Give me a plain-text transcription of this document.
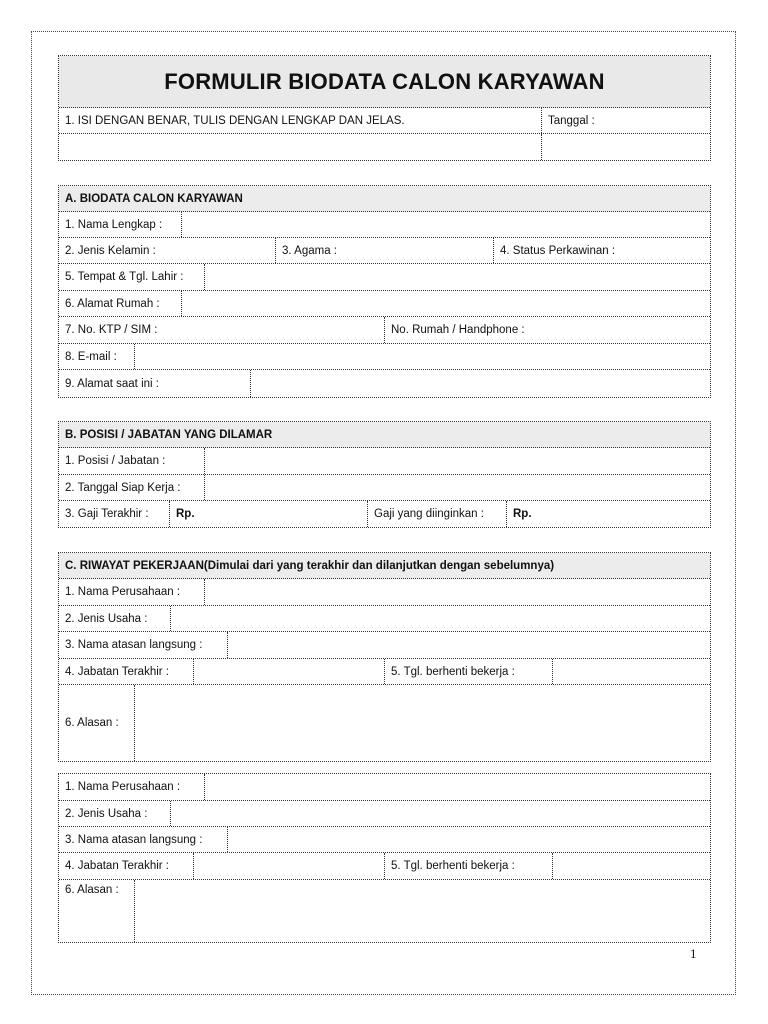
FORMULIR BIODATA CALON KARYAWAN
1. ISI DENGAN BENAR, TULIS DENGAN LENGKAP DAN JELAS.	Tanggal :
A. BIODATA CALON KARYAWAN
1. Nama Lengkap :
2. Jenis Kelamin :	3. Agama :	4. Status Perkawinan :
5. Tempat & Tgl. Lahir :
6. Alamat Rumah :
7. No. KTP / SIM :	No. Rumah / Handphone :
8. E-mail :
9. Alamat saat ini :
B. POSISI / JABATAN YANG DILAMAR
1. Posisi / Jabatan :
2. Tanggal Siap Kerja :
3. Gaji Terakhir :	Rp.	Gaji yang diinginkan :	Rp.
C. RIWAYAT PEKERJAAN (Dimulai dari yang terakhir dan dilanjutkan dengan sebelumnya)
1. Nama Perusahaan :
2. Jenis Usaha :
3. Nama atasan langsung :
4. Jabatan Terakhir :	5. Tgl. berhenti bekerja :
6. Alasan :
1. Nama Perusahaan :
2. Jenis Usaha :
3. Nama atasan langsung :
4. Jabatan Terakhir :	5. Tgl. berhenti bekerja :
6. Alasan :
1
